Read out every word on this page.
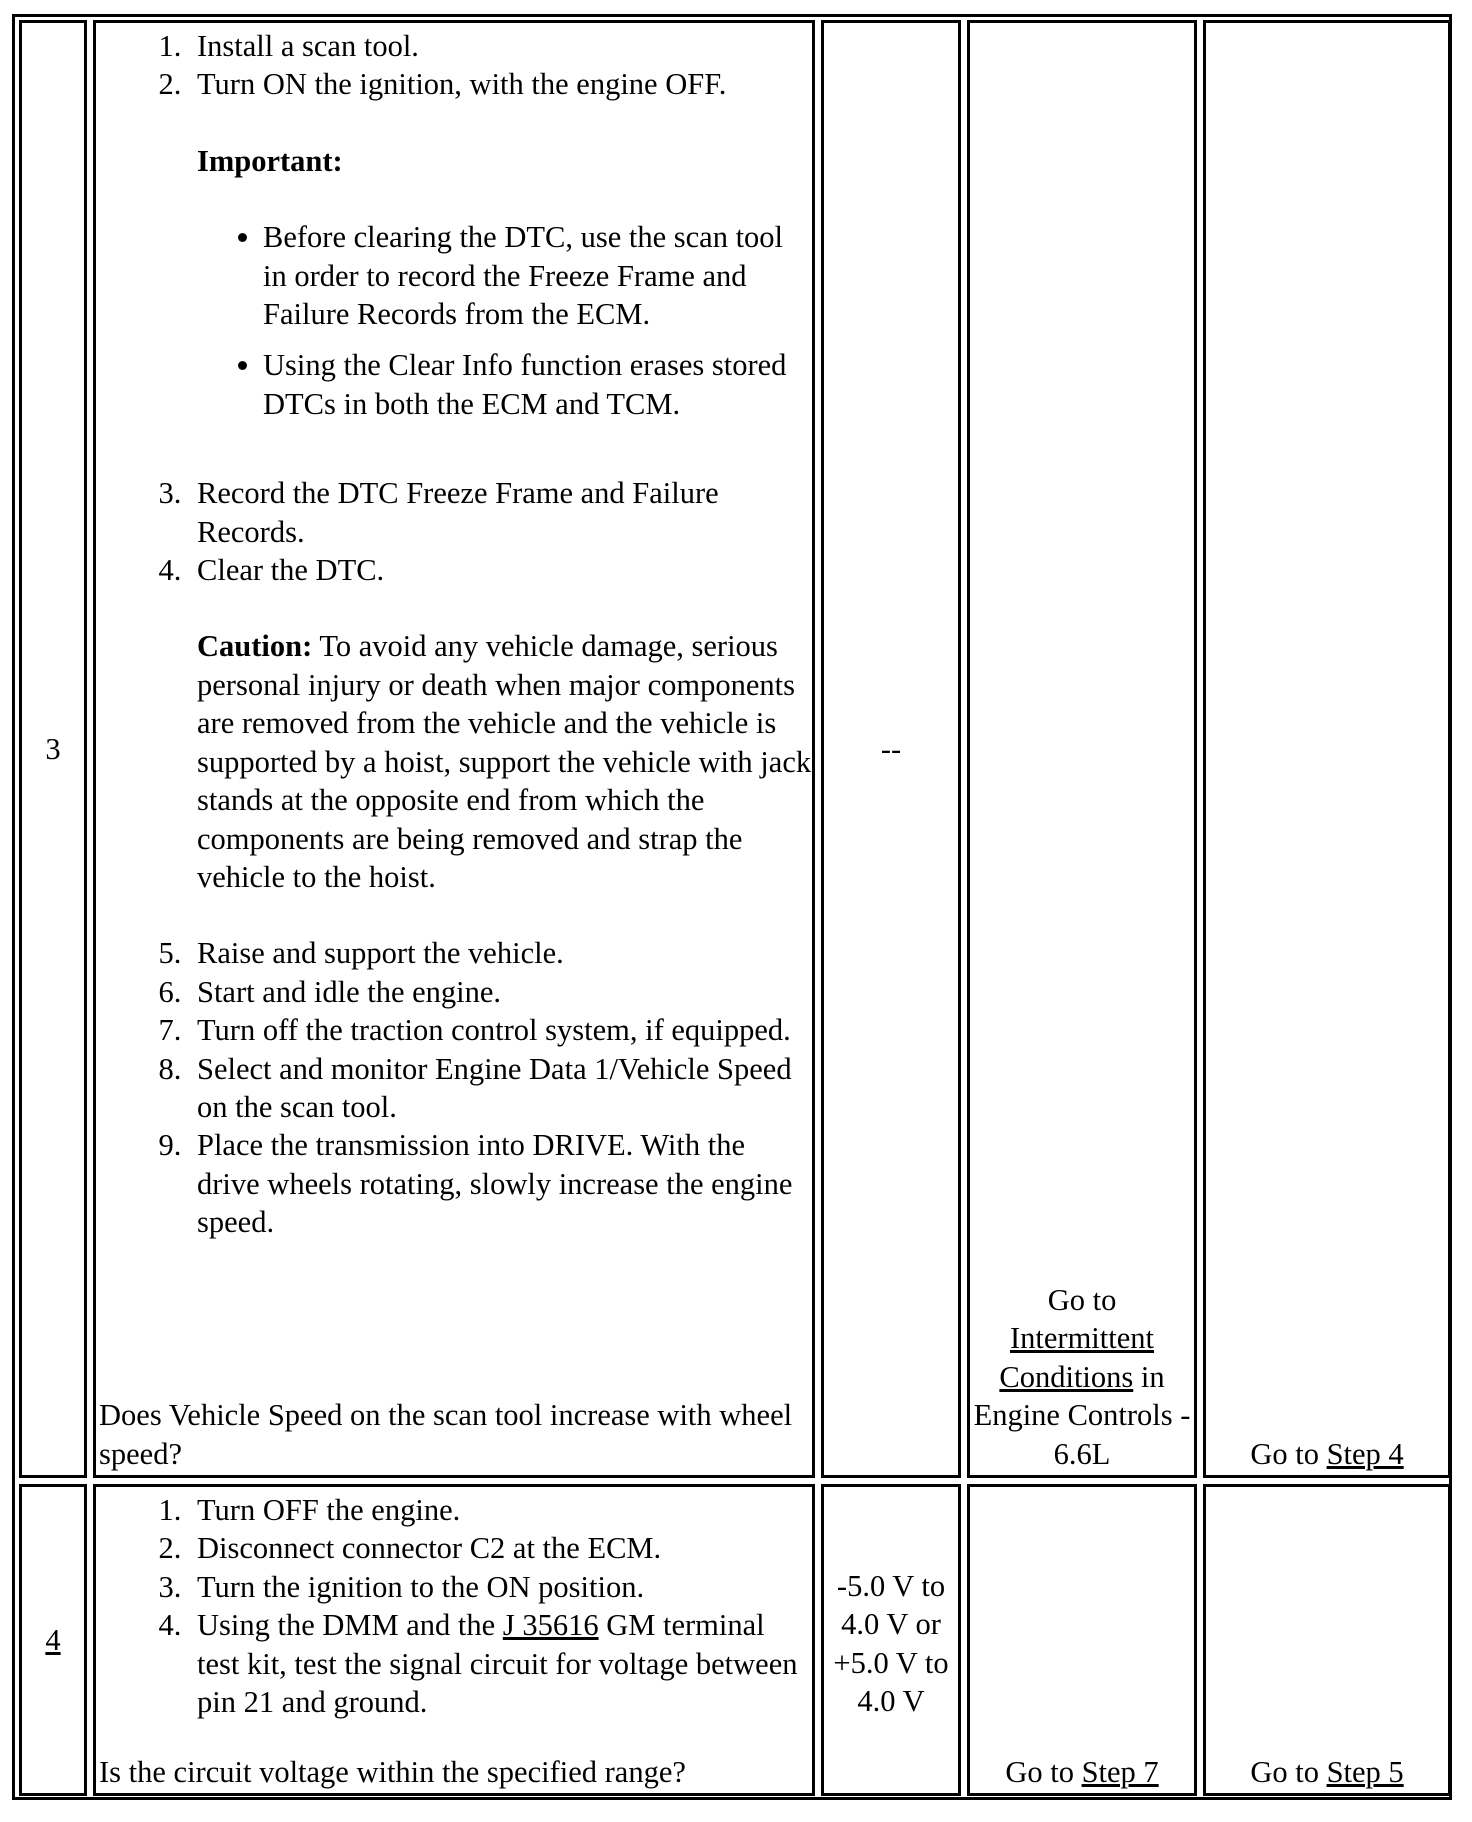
3
1. Install a scan tool.
2. Turn ON the ignition, with the engine OFF.
Important:
• Before clearing the DTC, use the scan tool in order to record the Freeze Frame and Failure Records from the ECM.
• Using the Clear Info function erases stored DTCs in both the ECM and TCM.
3. Record the DTC Freeze Frame and Failure Records.
4. Clear the DTC.
Caution: To avoid any vehicle damage, serious personal injury or death when major components are removed from the vehicle and the vehicle is supported by a hoist, support the vehicle with jack stands at the opposite end from which the components are being removed and strap the vehicle to the hoist.
5. Raise and support the vehicle.
6. Start and idle the engine.
7. Turn off the traction control system, if equipped.
8. Select and monitor Engine Data 1/Vehicle Speed on the scan tool.
9. Place the transmission into DRIVE. With the drive wheels rotating, slowly increase the engine speed.
Does Vehicle Speed on the scan tool increase with wheel speed?
--
Go to
Intermittent
Conditions in Engine Controls - 6.6L	Go to Step 4
4
1. Turn OFF the engine.
2. Disconnect connector C2 at the ECM.
3. Turn the ignition to the ON position.
4. Using the DMM and the J 35616 GM terminal test kit, test the signal circuit for voltage between pin 21 and ground.
Is the circuit voltage within the specified range?
-5.0 V to 4.0 V or +5.0 V to 4.0 V
Go to Step 7	Go to Step 5
